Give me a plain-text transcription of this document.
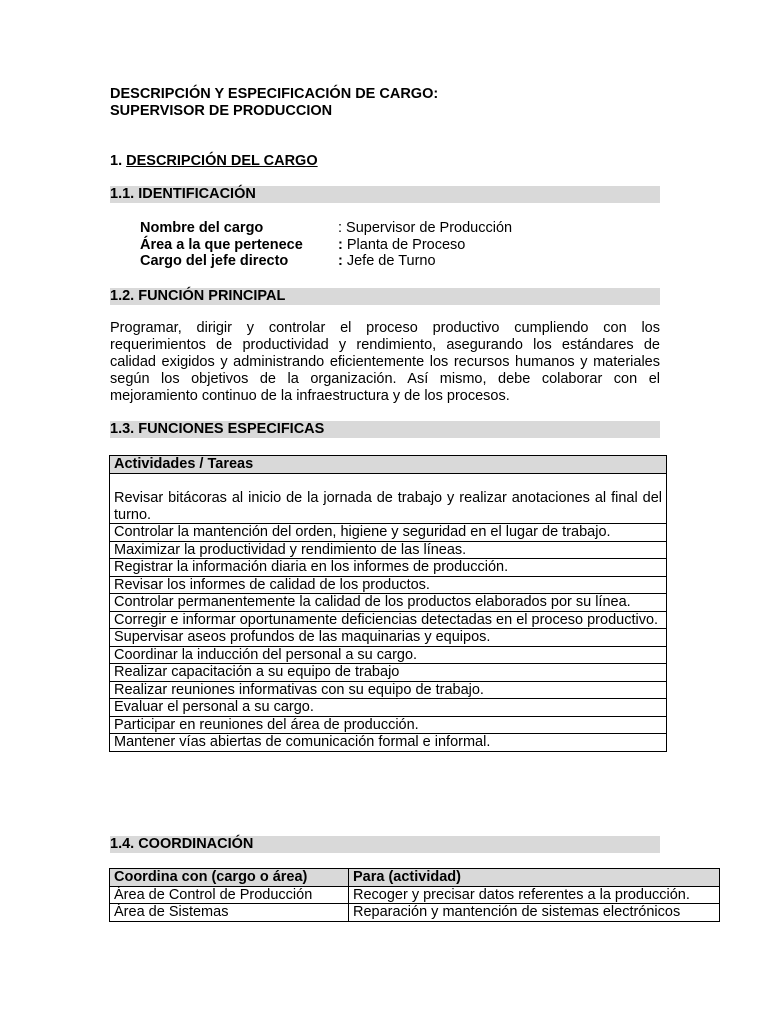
DESCRIPCIÓN Y ESPECIFICACIÓN DE CARGO:
SUPERVISOR DE PRODUCCION
1. DESCRIPCIÓN DEL CARGO
1.1. IDENTIFICACIÓN
Nombre del cargo	: Supervisor de Producción
Área a la que pertenece	: Planta de Proceso
Cargo del jefe directo	: Jefe de Turno
1.2. FUNCIÓN PRINCIPAL
Programar, dirigir y controlar el proceso productivo cumpliendo con los requerimientos de productividad y rendimiento, asegurando los estándares de calidad exigidos y administrando eficientemente los recursos humanos y materiales según los objetivos de la organización. Así mismo, debe colaborar con el mejoramiento continuo de la infraestructura y de los procesos.
1.3. FUNCIONES ESPECIFICAS
Actividades / Tareas
Revisar bitácoras al inicio de la jornada de trabajo y realizar anotaciones al final del turno.
Controlar la mantención del orden, higiene y seguridad en el lugar de trabajo.
Maximizar la productividad y rendimiento de las líneas.
Registrar la información diaria en los informes de producción.
Revisar los informes de calidad de los productos.
Controlar permanentemente la calidad de los productos elaborados por su línea.
Corregir e informar oportunamente deficiencias detectadas en el proceso productivo.
Supervisar aseos profundos de las maquinarias y equipos.
Coordinar la inducción del personal a su cargo.
Realizar capacitación a su equipo de trabajo
Realizar reuniones informativas con su equipo de trabajo.
Evaluar el personal a su cargo.
Participar en reuniones del área de producción.
Mantener vías abiertas de comunicación formal e informal.
1.4. COORDINACIÓN
Coordina con (cargo o área)	Para (actividad)
Área de Control de Producción	Recoger y precisar datos referentes a la producción.
Área de Sistemas	Reparación y mantención de sistemas electrónicos
